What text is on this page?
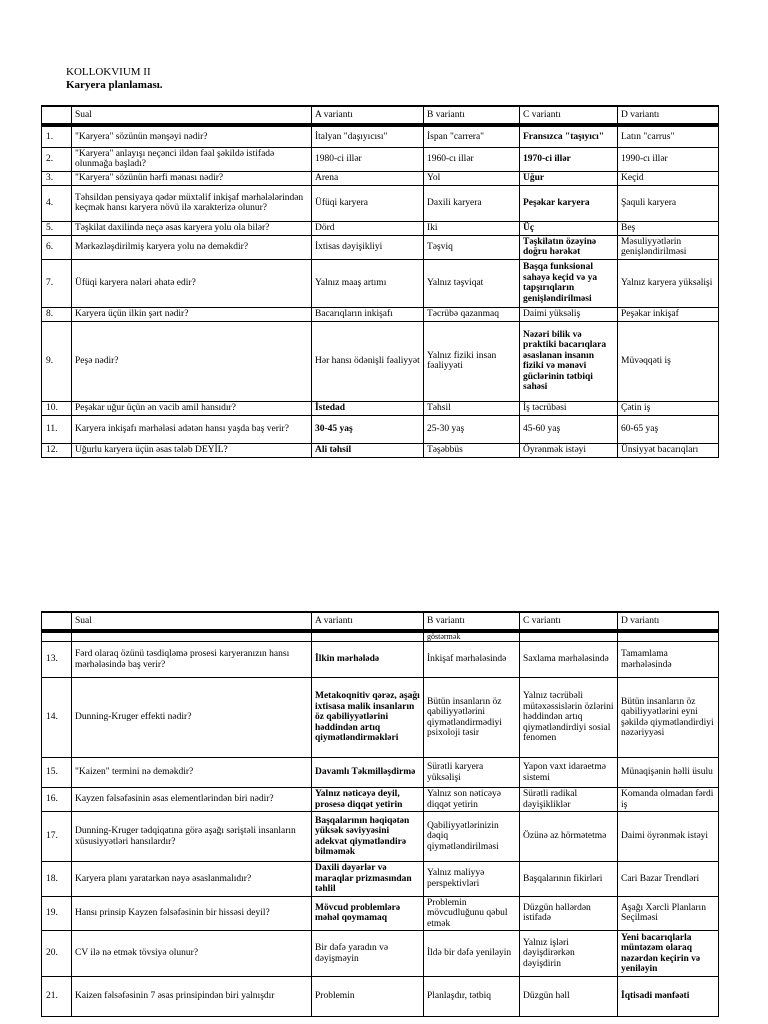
KOLLOKVIUM II
Karyera planlaması.
	Sual	A variantı	B variantı	C variantı	D variantı
1.	"Karyera" sözünün mənşəyi nədir?	İtalyan "daşıyıcısı"	İspan "carrera"	Fransızca "taşıyıcı"	Latın "carrus"
2.	"Karyera" anlayışı neçənci ildən fəal şəkildə istifadə olunmağa başladı?	1980-ci illər	1960-cı illər	1970-ci illər	1990-cı illər
3.	"Karyera" sözünün hərfi mənası nədir?	Arena	Yol	Uğur	Keçid
4.	Təhsildən pensiyaya qədər müxtəlif inkişaf mərhələlərindən keçmək hansı karyera növü ilə xarakterizə olunur?	Üfüqi karyera	Daxili karyera	Peşəkar karyera	Şaquli karyera
5.	Təşkilat daxilində neçə əsas karyera yolu ola bilər?	Dörd	Iki	Üç	Beş
6.	Mərkəzləşdirilmiş karyera yolu nə deməkdir?	İxtisas dəyişikliyi	Təşviq	Təşkilatın özəyinə doğru hərəkət	Məsuliyyətlərin genişləndirilməsi
7.	Üfüqi karyera nələri əhatə edir?	Yalnız maaş artımı	Yalnız təşviqat	Başqa funksional sahəyə keçid və ya tapşırıqların genişləndirilməsi	Yalnız karyera yüksəlişi
8.	Karyera üçün ilkin şərt nədir?	Bacarıqların inkişafı	Təcrübə qazanmaq	Daimi yüksəliş	Peşəkar inkişaf
9.	Peşə nədir?	Hər hansı ödənişli fəaliyyət	Yalnız fiziki insan fəaliyyəti	Nəzəri bilik və praktiki bacarıqlara əsaslanan insanın fiziki və mənəvi güclərinin tətbiqi sahəsi	Müvəqqəti iş
10.	Peşəkar uğur üçün ən vacib amil hansıdır?	İstedad	Təhsil	İş təcrübəsi	Çətin iş
11.	Karyera inkişafı mərhələsi adətən hansı yaşda baş verir?	30-45 yaş	25-30 yaş	45-60 yaş	60-65 yaş
12.	Uğurlu karyera üçün əsas tələb DEYİL?	Ali təhsil	Təşəbbüs	Öyrənmək istəyi	Ünsiyyət bacarıqları
	Sual	A variantı	B variantı	C variantı	D variantı
			göstərmək		
13.	Fərd olaraq özünü təsdiqləmə prosesi karyeranızın hansı mərhələsində baş verir?	İlkin mərhələdə	İnkişaf mərhələsində	Saxlama mərhələsində	Tamamlama mərhələsində
14.	Dunning-Kruger effekti nədir?	Metakoqnitiv qərəz, aşağı ixtisasa malik insanların öz qabiliyyətlərini həddindən artıq qiymətləndirməkləri	Bütün insanların öz qabiliyyətlərini qiymətləndirmədiyi psixoloji təsir	Yalnız təcrübəli mütəxəssislərin özlərini həddindən artıq qiymətləndirdiyi sosial fenomen	Bütün insanların öz qabiliyyətlərini eyni şəkildə qiymətləndirdiyi nəzəriyyəsi
15.	"Kaizen" termini nə deməkdir?	Davamlı Təkmilləşdirmə	Sürətli karyera yüksəlişi	Yapon vaxt idarəetmə sistemi	Münaqişənin həlli üsulu
16.	Kayzen fəlsəfəsinin əsas elementlərindən biri nədir?	Yalnız nəticəyə deyil, prosesə diqqət yetirin	Yalnız son nəticəyə diqqət yetirin	Sürətli radikal dəyişikliklər	Komanda olmadan fərdi iş
17.	Dunning-Kruger tədqiqatına görə aşağı səriştəli insanların xüsusiyyətləri hansılardır?	Başqalarının həqiqətən yüksək səviyyəsini adekvat qiymətləndirə bilməmək	Qabiliyyətlərinizin dəqiq qiymətləndirilməsi	Özünə az hörmətetmə	Daimi öyrənmək istəyi
18.	Karyera planı yaratarkən nəyə əsaslanmalıdır?	Daxili dəyərlər və maraqlar prizmasından təhlil	Yalnız maliyyə perspektivləri	Başqalarının fikirləri	Cari Bazar Trendləri
19.	Hansı prinsip Kayzen fəlsəfəsinin bir hissəsi deyil?	Mövcud problemlərə məhəl qoymamaq	Problemin mövcudluğunu qəbul etmək	Düzgün həllərdən istifadə	Aşağı Xərcli Planların Seçilməsi
20.	CV ilə nə etmək tövsiyə olunur?	Bir dəfə yaradın və dəyişməyin	İldə bir dəfə yeniləyin	Yalnız işləri dəyişdirərkən dəyişdirin	Yeni bacarıqlarla müntəzəm olaraq nəzərdən keçirin və yeniləyin
21.	Kaizen fəlsəfəsinin 7 əsas prinsipindən biri yalnışdır	Problemin	Planlaşdır, tətbiq	Düzgün həll	İqtisadi mənfəəti
